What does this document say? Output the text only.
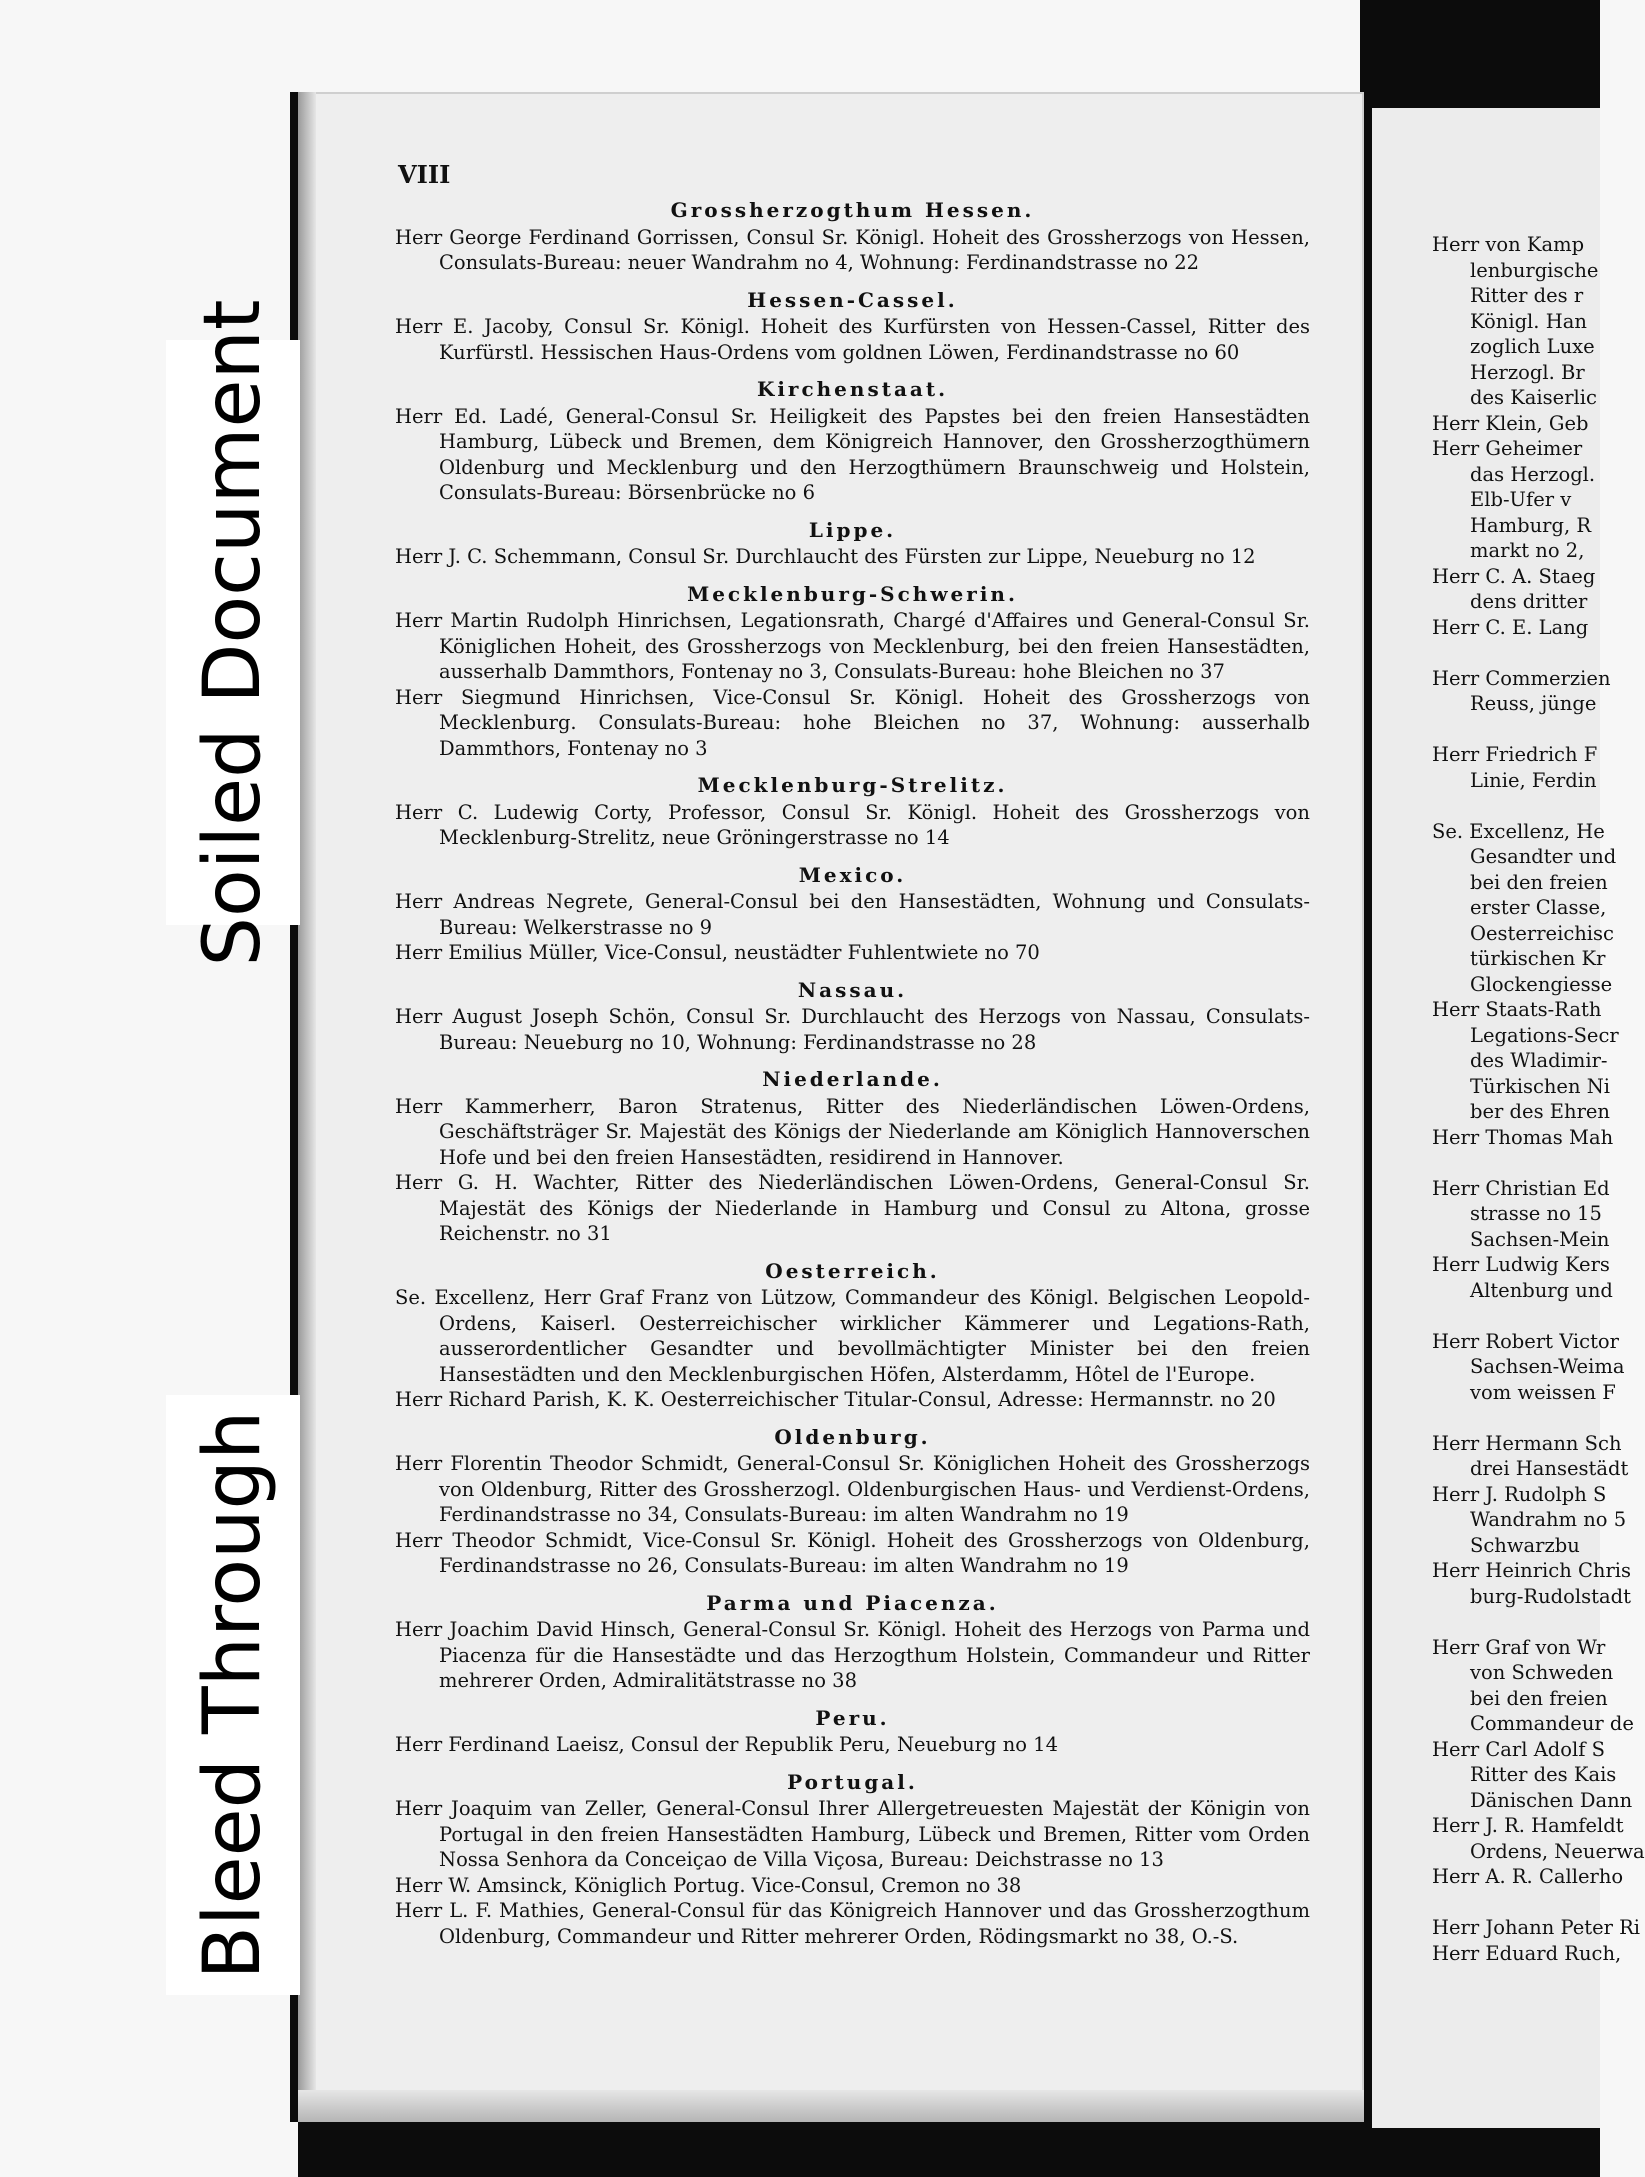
Soiled Document
Bleed Through
VIII
Grossherzogthum Hessen.
Herr George Ferdinand Gorrissen, Consul Sr. Königl. Hoheit des Grossherzogs von Hessen, Consulats-Bureau: neuer Wandrahm no 4, Wohnung: Ferdinandstrasse no 22
Hessen-Cassel.
Herr E. Jacoby, Consul Sr. Königl. Hoheit des Kurfürsten von Hessen-Cassel, Ritter des Kurfürstl. Hessischen Haus-Ordens vom goldnen Löwen, Ferdinandstrasse no 60
Kirchenstaat.
Herr Ed. Ladé, General-Consul Sr. Heiligkeit des Papstes bei den freien Hansestädten Hamburg, Lübeck und Bremen, dem Königreich Hannover, den Grossherzogthümern Oldenburg und Mecklenburg und den Herzogthümern Braunschweig und Holstein, Consulats-Bureau: Börsenbrücke no 6
Lippe.
Herr J. C. Schemmann, Consul Sr. Durchlaucht des Fürsten zur Lippe, Neueburg no 12
Mecklenburg-Schwerin.
Herr Martin Rudolph Hinrichsen, Legationsrath, Chargé d'Affaires und General-Consul Sr. Königlichen Hoheit, des Grossherzogs von Mecklenburg, bei den freien Hansestädten, ausserhalb Dammthors, Fontenay no 3, Consulats-Bureau: hohe Bleichen no 37
Herr Siegmund Hinrichsen, Vice-Consul Sr. Königl. Hoheit des Grossherzogs von Mecklenburg. Consulats-Bureau: hohe Bleichen no 37, Wohnung: ausserhalb Dammthors, Fontenay no 3
Mecklenburg-Strelitz.
Herr C. Ludewig Corty, Professor, Consul Sr. Königl. Hoheit des Grossherzogs von Mecklenburg-Strelitz, neue Gröningerstrasse no 14
Mexico.
Herr Andreas Negrete, General-Consul bei den Hansestädten, Wohnung und Consulats-Bureau: Welkerstrasse no 9
Herr Emilius Müller, Vice-Consul, neustädter Fuhlentwiete no 70
Nassau.
Herr August Joseph Schön, Consul Sr. Durchlaucht des Herzogs von Nassau, Consulats-Bureau: Neueburg no 10, Wohnung: Ferdinandstrasse no 28
Niederlande.
Herr Kammerherr, Baron Stratenus, Ritter des Niederländischen Löwen-Ordens, Geschäftsträger Sr. Majestät des Königs der Niederlande am Königlich Hannoverschen Hofe und bei den freien Hansestädten, residirend in Hannover.
Herr G. H. Wachter, Ritter des Niederländischen Löwen-Ordens, General-Consul Sr. Majestät des Königs der Niederlande in Hamburg und Consul zu Altona, grosse Reichenstr. no 31
Oesterreich.
Se. Excellenz, Herr Graf Franz von Lützow, Commandeur des Königl. Belgischen Leopold-Ordens, Kaiserl. Oesterreichischer wirklicher Kämmerer und Legations-Rath, ausserordentlicher Gesandter und bevollmächtigter Minister bei den freien Hansestädten und den Mecklenburgischen Höfen, Alsterdamm, Hôtel de l'Europe.
Herr Richard Parish, K. K. Oesterreichischer Titular-Consul, Adresse: Hermannstr. no 20
Oldenburg.
Herr Florentin Theodor Schmidt, General-Consul Sr. Königlichen Hoheit des Grossherzogs von Oldenburg, Ritter des Grossherzogl. Oldenburgischen Haus- und Verdienst-Ordens, Ferdinandstrasse no 34, Consulats-Bureau: im alten Wandrahm no 19
Herr Theodor Schmidt, Vice-Consul Sr. Königl. Hoheit des Grossherzogs von Oldenburg, Ferdinandstrasse no 26, Consulats-Bureau: im alten Wandrahm no 19
Parma und Piacenza.
Herr Joachim David Hinsch, General-Consul Sr. Königl. Hoheit des Herzogs von Parma und Piacenza für die Hansestädte und das Herzogthum Holstein, Commandeur und Ritter mehrerer Orden, Admiralitätstrasse no 38
Peru.
Herr Ferdinand Laeisz, Consul der Republik Peru, Neueburg no 14
Portugal.
Herr Joaquim van Zeller, General-Consul Ihrer Allergetreuesten Majestät der Königin von Portugal in den freien Hansestädten Hamburg, Lübeck und Bremen, Ritter vom Orden Nossa Senhora da Conceiçao de Villa Viçosa, Bureau: Deichstrasse no 13
Herr W. Amsinck, Königlich Portug. Vice-Consul, Cremon no 38
Herr L. F. Mathies, General-Consul für das Königreich Hannover und das Grossherzogthum Oldenburg, Commandeur und Ritter mehrerer Orden, Rödingsmarkt no 38, O.-S.
Herr von Kamp
lenburgische
Ritter des r
Königl. Han
zoglich Luxe
Herzogl. Br
des Kaiserlic
Herr Klein, Geb
Herr Geheimer
das Herzogl.
Elb-Ufer v
Hamburg, R
markt no 2,
Herr C. A. Staeg
dens dritter
Herr C. E. Lang
Herr Commerzien
Reuss, jünge
Herr Friedrich F
Linie, Ferdin
Se. Excellenz, He
Gesandter und
bei den freien
erster Classe,
Oesterreichisc
türkischen Kr
Glockengiesse
Herr Staats-Rath
Legations-Secr
des Wladimir-
Türkischen Ni
ber des Ehren
Herr Thomas Mah
Herr Christian Ed
strasse no 15
Sachsen-Mein
Herr Ludwig Kers
Altenburg und
Herr Robert Victor
Sachsen-Weima
vom weissen F
Herr Hermann Sch
drei Hansestädt
Herr J. Rudolph S
Wandrahm no 5
Schwarzbu
Herr Heinrich Chris
burg-Rudolstadt
Herr Graf von Wr
von Schweden
bei den freien
Commandeur de
Herr Carl Adolf S
Ritter des Kais
Dänischen Dann
Herr J. R. Hamfeldt
Ordens, Neuerwa
Herr A. R. Callerho
Herr Johann Peter Ri
Herr Eduard Ruch,
